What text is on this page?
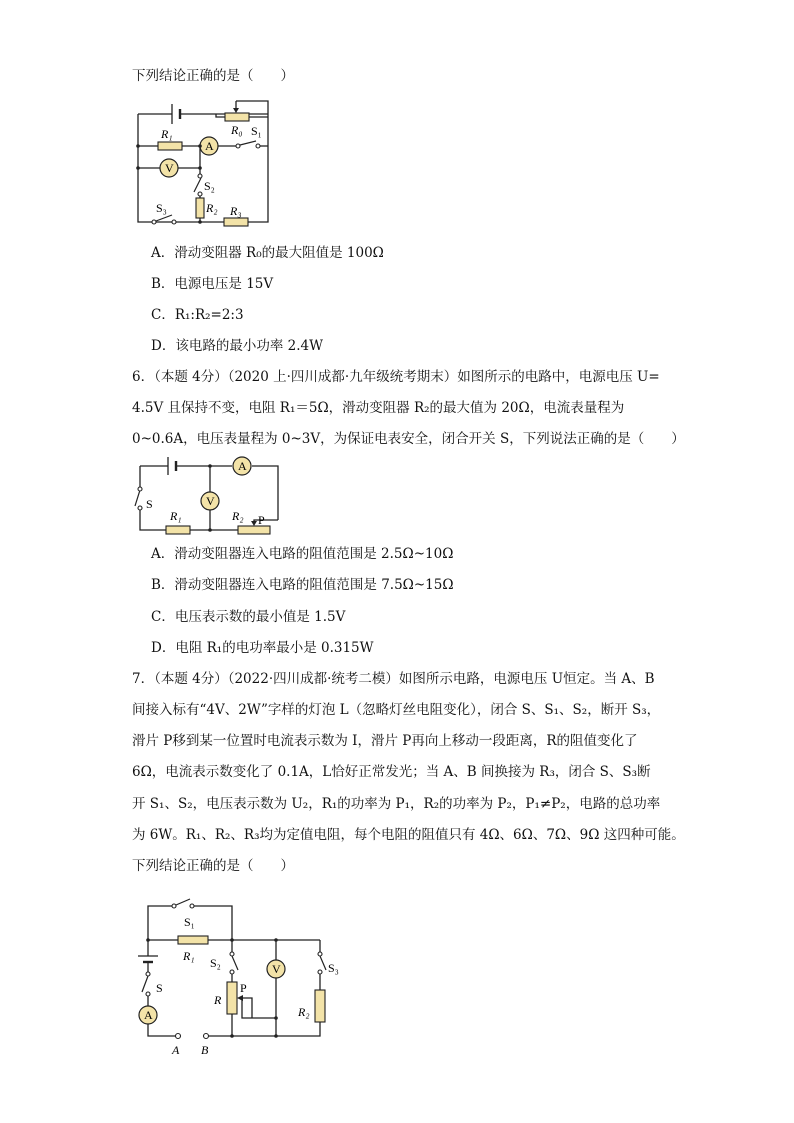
下列结论正确的是（　　）
A
V
R₁	R₀ S₁
S₂
S₃	R₂ R₃
A．滑动变阻器 R₀的最大阻值是 100Ω
B．电源电压是 15V
C．R₁:R₂=2:3
D．该电路的最小功率 2.4W
6．（本题 4分）（2020 上·四川成都·九年级统考期末）如图所示的电路中，电源电压 U=
4.5V 且保持不变，电阻 R₁＝5Ω，滑动变阻器 R₂的最大值为 20Ω，电流表量程为
0~0.6A，电压表量程为 0~3V，为保证电表安全，闭合开关 S，下列说法正确的是（　　）
A
V
S
R₁	R₂ P
A．滑动变阻器连入电路的阻值范围是 2.5Ω~10Ω
B．滑动变阻器连入电路的阻值范围是 7.5Ω~15Ω
C．电压表示数的最小值是 1.5V
D．电阻 R₁的电功率最小是 0.315W
7．（本题 4分）（2022·四川成都·统考二模）如图所示电路，电源电压 U恒定。当 A、B
间接入标有“4V、2W”字样的灯泡 L（忽略灯丝电阻变化），闭合 S、S₁、S₂，断开 S₃，
滑片 P移到某一位置时电流表示数为 I，滑片 P再向上移动一段距离，R的阻值变化了
6Ω，电流表示数变化了 0.1A，L恰好正常发光；当 A、B 间换接为 R₃，闭合 S、S₃断
开 S₁、S₂，电压表示数为 U₂，R₁的功率为 P₁，R₂的功率为 P₂，P₁≠P₂，电路的总功率
为 6W。R₁、R₂、R₃均为定值电阻，每个电阻的阻值只有 4Ω、6Ω、7Ω、9Ω 这四种可能。
下列结论正确的是（　　）
A
V
S₁
R₁ S₂	S₃
R
P
R₂
S
A B
